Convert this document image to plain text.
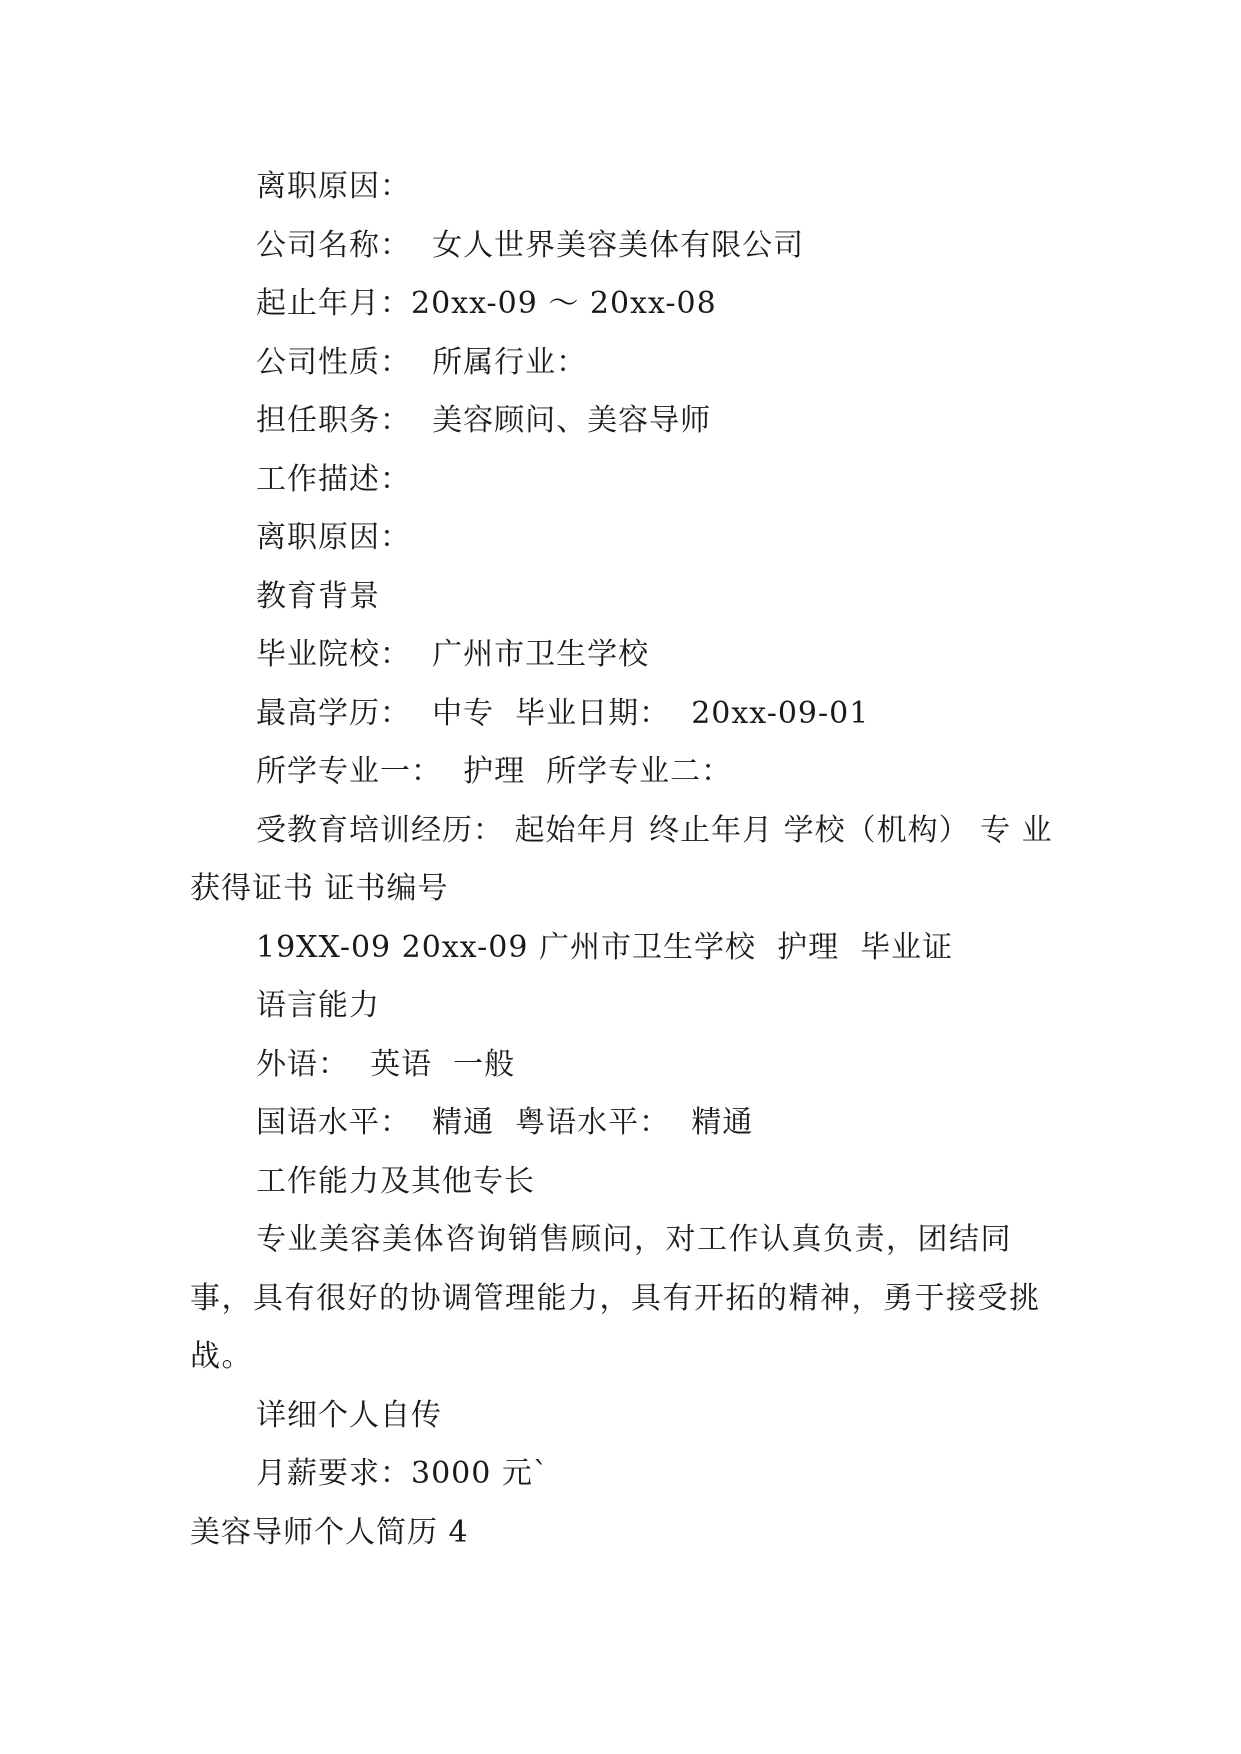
离职原因：

公司名称：  女人世界美容美体有限公司

起止年月：20xx-09 ～ 20xx-08

公司性质：  所属行业：

担任职务：  美容顾问、美容导师

工作描述：

离职原因：

教育背景

毕业院校：  广州市卫生学校

最高学历：  中专  毕业日期：  20xx-09-01

所学专业一：  护理  所学专业二：

受教育培训经历： 起始年月 终止年月 学校（机构） 专 业 获得证书 证书编号

19XX-09 20xx-09 广州市卫生学校  护理  毕业证

语言能力

外语：  英语  一般

国语水平：  精通  粤语水平：  精通

工作能力及其他专长

专业美容美体咨询销售顾问，对工作认真负责，团结同事，具有很好的协调管理能力，具有开拓的精神，勇于接受挑战。

详细个人自传

月薪要求：3000 元`

美容导师个人简历 4
